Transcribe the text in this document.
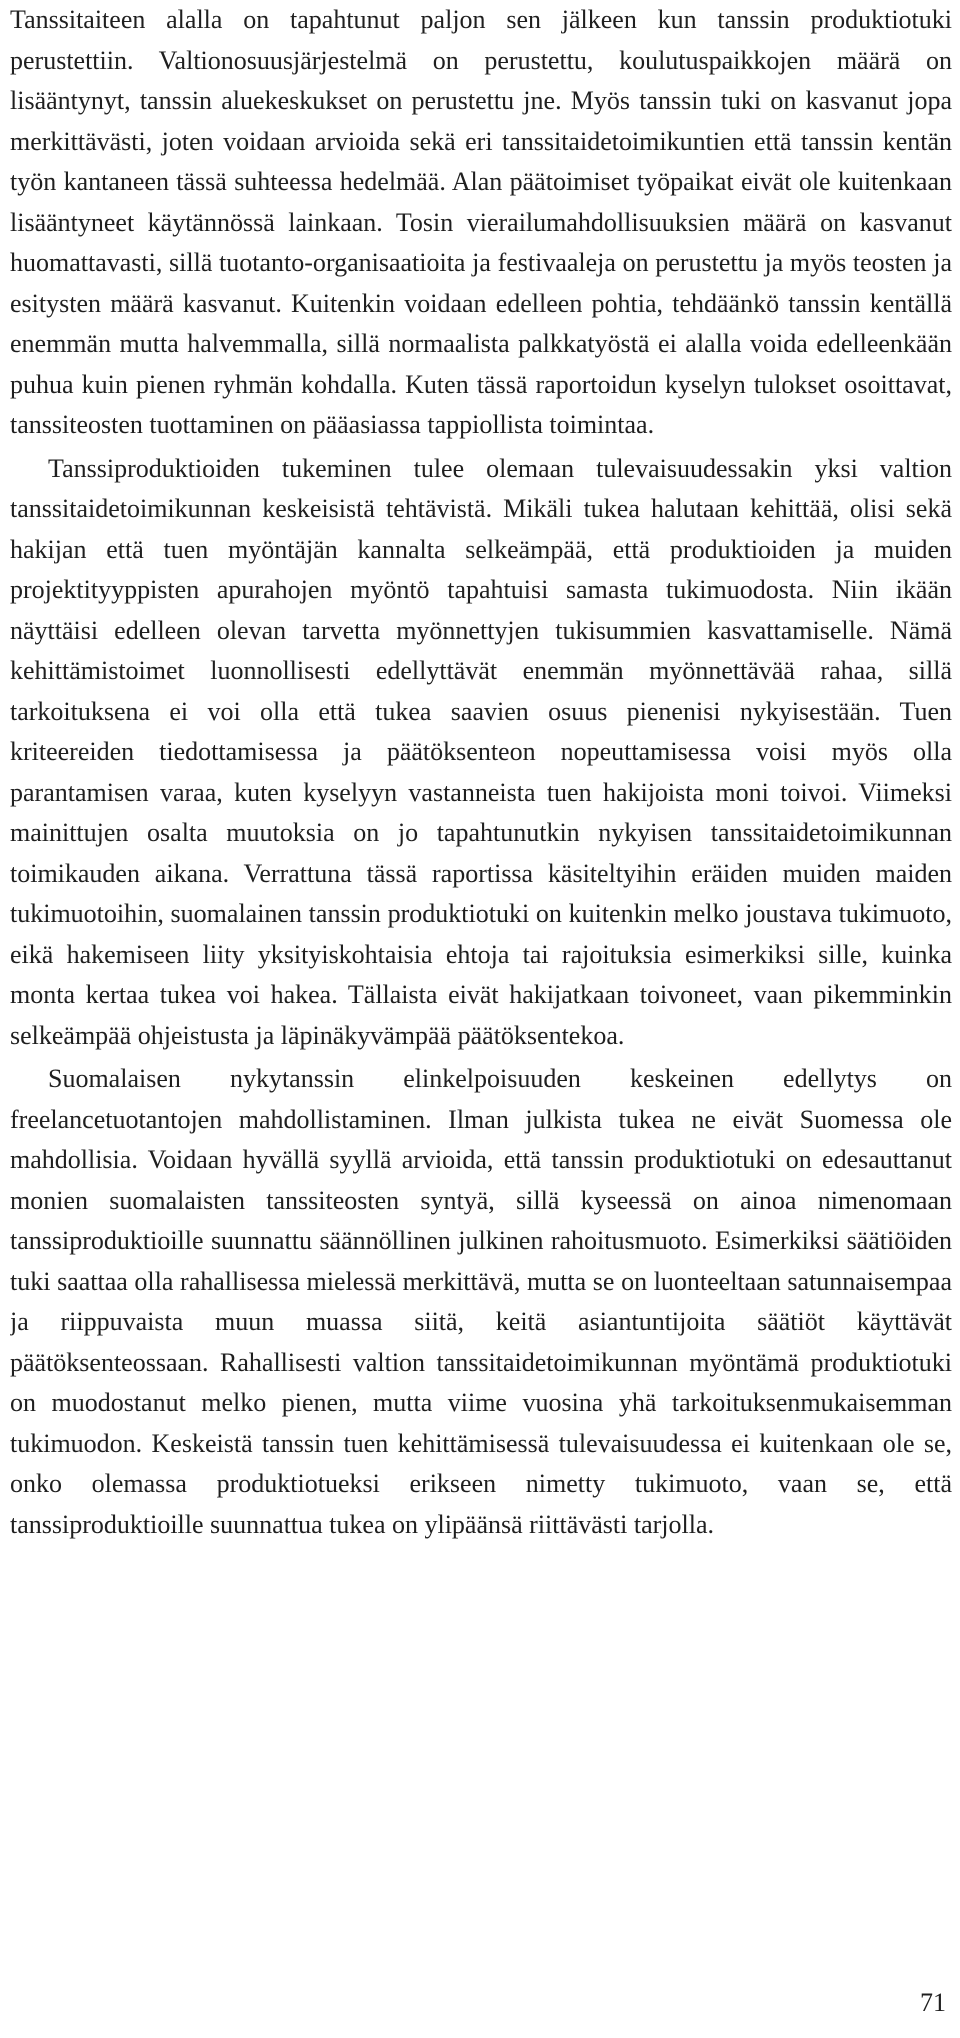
Tanssitaiteen alalla on tapahtunut paljon sen jälkeen kun tanssin produktiotuki perustettiin. Valtionosuusjärjestelmä on perustettu, koulutuspaikkojen määrä on lisääntynyt, tanssin aluekeskukset on perustettu jne. Myös tanssin tuki on kasvanut jopa merkittävästi, joten voidaan arvioida sekä eri tanssitaidetoimikuntien että tanssin kentän työn kantaneen tässä suhteessa hedelmää. Alan päätoimiset työpaikat eivät ole kuitenkaan lisääntyneet käytännössä lainkaan. Tosin vierailumahdollisuuksien määrä on kasvanut huomattavasti, sillä tuotanto-organisaatioita ja festivaaleja on perustettu ja myös teosten ja esitysten määrä kasvanut. Kuitenkin voidaan edelleen pohtia, tehdäänkö tanssin kentällä enemmän mutta halvemmalla, sillä normaalista palkkatyöstä ei alalla voida edelleenkään puhua kuin pienen ryhmän kohdalla. Kuten tässä raportoidun kyselyn tulokset osoittavat, tanssiteosten tuottaminen on pääasiassa tappiollista toimintaa.

Tanssiproduktioiden tukeminen tulee olemaan tulevaisuudessakin yksi valtion tanssitaidetoimikunnan keskeisistä tehtävistä. Mikäli tukea halutaan kehittää, olisi sekä hakijan että tuen myöntäjän kannalta selkeämpää, että produktioiden ja muiden projektityyppisten apurahojen myöntö tapahtuisi samasta tukimuodosta. Niin ikään näyttäisi edelleen olevan tarvetta myönnettyjen tukisummien kasvattamiselle. Nämä kehittämistoimet luonnollisesti edellyttävät enemmän myönnettävää rahaa, sillä tarkoituksena ei voi olla että tukea saavien osuus pienenisi nykyisestään. Tuen kriteereiden tiedottamisessa ja päätöksenteon nopeuttamisessa voisi myös olla parantamisen varaa, kuten kyselyyn vastanneista tuen hakijoista moni toivoi. Viimeksi mainittujen osalta muutoksia on jo tapahtunutkin nykyisen tanssitaidetoimikunnan toimikauden aikana. Verrattuna tässä raportissa käsiteltyihin eräiden muiden maiden tukimuotoihin, suomalainen tanssin produktiotuki on kuitenkin melko joustava tukimuoto, eikä hakemiseen liity yksityiskohtaisia ehtoja tai rajoituksia esimerkiksi sille, kuinka monta kertaa tukea voi hakea. Tällaista eivät hakijatkaan toivoneet, vaan pikemminkin selkeämpää ohjeistusta ja läpinäkyvämpää päätöksentekoa.

Suomalaisen nykytanssin elinkelpoisuuden keskeinen edellytys on freelancetuotantojen mahdollistaminen. Ilman julkista tukea ne eivät Suomessa ole mahdollisia. Voidaan hyvällä syyllä arvioida, että tanssin produktiotuki on edesauttanut monien suomalaisten tanssiteosten syntyä, sillä kyseessä on ainoa nimenomaan tanssiproduktioille suunnattu säännöllinen julkinen rahoitusmuoto. Esimerkiksi säätiöiden tuki saattaa olla rahallisessa mielessä merkittävä, mutta se on luonteeltaan satunnaisempaa ja riippuvaista muun muassa siitä, keitä asiantuntijoita säätiöt käyttävät päätöksenteossaan. Rahallisesti valtion tanssitaidetoimikunnan myöntämä produktiotuki on muodostanut melko pienen, mutta viime vuosina yhä tarkoituksenmukaisemman tukimuodon. Keskeistä tanssin tuen kehittämisessä tulevaisuudessa ei kuitenkaan ole se, onko olemassa produktiotueksi erikseen nimetty tukimuoto, vaan se, että tanssiproduktioille suunnattua tukea on ylipäänsä riittävästi tarjolla.

71
